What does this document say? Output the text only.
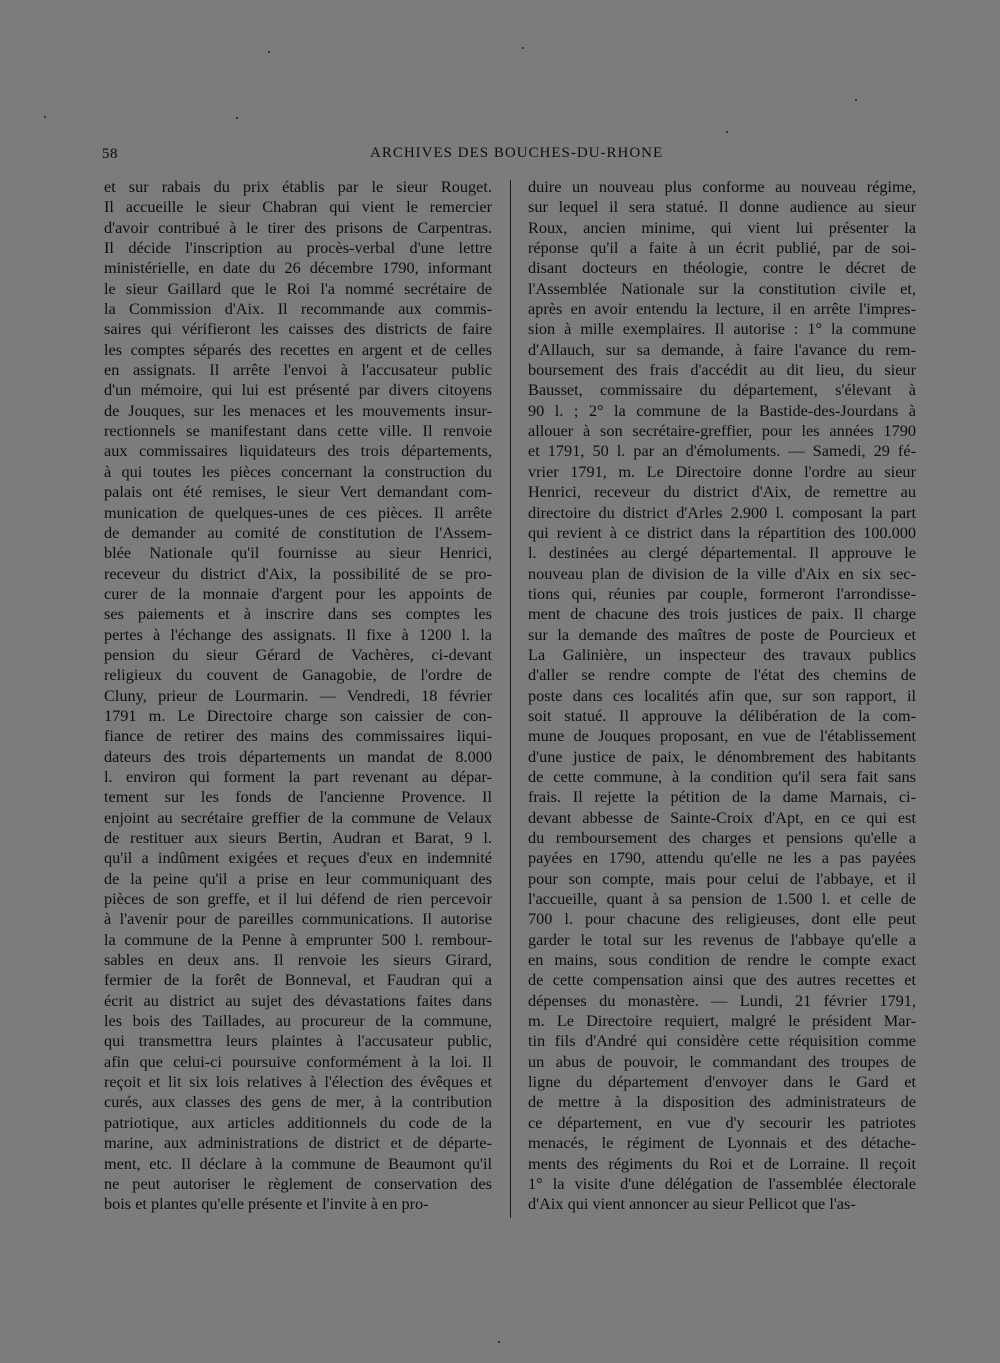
58	ARCHIVES DES BOUCHES-DU-RHONE
et sur rabais du prix établis par le sieur Rouget.
Il accueille le sieur Chabran qui vient le remercier
d'avoir contribué à le tirer des prisons de Carpentras.
Il décide l'inscription au procès-verbal d'une lettre
ministérielle, en date du 26 décembre 1790, informant
le sieur Gaillard que le Roi l'a nommé secrétaire de
la Commission d'Aix. Il recommande aux commis-
saires qui vérifieront les caisses des districts de faire
les comptes séparés des recettes en argent et de celles
en assignats. Il arrête l'envoi à l'accusateur public
d'un mémoire, qui lui est présenté par divers citoyens
de Jouques, sur les menaces et les mouvements insur-
rectionnels se manifestant dans cette ville. Il renvoie
aux commissaires liquidateurs des trois départements,
à qui toutes les pièces concernant la construction du
palais ont été remises, le sieur Vert demandant com-
munication de quelques-unes de ces pièces. Il arrête
de demander au comité de constitution de l'Assem-
blée Nationale qu'il fournisse au sieur Henrici,
receveur du district d'Aix, la possibilité de se pro-
curer de la monnaie d'argent pour les appoints de
ses paiements et à inscrire dans ses comptes les
pertes à l'échange des assignats. Il fixe à 1200 l. la
pension du sieur Gérard de Vachères, ci-devant
religieux du couvent de Ganagobie, de l'ordre de
Cluny, prieur de Lourmarin. — Vendredi, 18 février
1791 m. Le Directoire charge son caissier de con-
fiance de retirer des mains des commissaires liqui-
dateurs des trois départements un mandat de 8.000
l. environ qui forment la part revenant au dépar-
tement sur les fonds de l'ancienne Provence. Il
enjoint au secrétaire greffier de la commune de Velaux
de restituer aux sieurs Bertin, Audran et Barat, 9 l.
qu'il a indûment exigées et reçues d'eux en indemnité
de la peine qu'il a prise en leur communiquant des
pièces de son greffe, et il lui défend de rien percevoir
à l'avenir pour de pareilles communications. Il autorise
la commune de la Penne à emprunter 500 l. rembour-
sables en deux ans. Il renvoie les sieurs Girard,
fermier de la forêt de Bonneval, et Faudran qui a
écrit au district au sujet des dévastations faites dans
les bois des Taillades, au procureur de la commune,
qui transmettra leurs plaintes à l'accusateur public,
afin que celui-ci poursuive conformément à la loi. Il
reçoit et lit six lois relatives à l'élection des évêques et
curés, aux classes des gens de mer, à la contribution
patriotique, aux articles additionnels du code de la
marine, aux administrations de district et de départe-
ment, etc. Il déclare à la commune de Beaumont qu'il
ne peut autoriser le règlement de conservation des
bois et plantes qu'elle présente et l'invite à en pro-
duire un nouveau plus conforme au nouveau régime,
sur lequel il sera statué. Il donne audience au sieur
Roux, ancien minime, qui vient lui présenter la
réponse qu'il a faite à un écrit publié, par de soi-
disant docteurs en théologie, contre le décret de
l'Assemblée Nationale sur la constitution civile et,
après en avoir entendu la lecture, il en arrête l'impres-
sion à mille exemplaires. Il autorise : 1° la commune
d'Allauch, sur sa demande, à faire l'avance du rem-
boursement des frais d'accédit au dit lieu, du sieur
Bausset, commissaire du département, s'élevant à
90 l. ; 2° la commune de la Bastide-des-Jourdans à
allouer à son secrétaire-greffier, pour les années 1790
et 1791, 50 l. par an d'émoluments. — Samedi, 29 fé-
vrier 1791, m. Le Directoire donne l'ordre au sieur
Henrici, receveur du district d'Aix, de remettre au
directoire du district d'Arles 2.900 l. composant la part
qui revient à ce district dans la répartition des 100.000
l. destinées au clergé départemental. Il approuve le
nouveau plan de division de la ville d'Aix en six sec-
tions qui, réunies par couple, formeront l'arrondisse-
ment de chacune des trois justices de paix. Il charge
sur la demande des maîtres de poste de Pourcieux et
La Galinière, un inspecteur des travaux publics
d'aller se rendre compte de l'état des chemins de
poste dans ces localités afin que, sur son rapport, il
soit statué. Il approuve la délibération de la com-
mune de Jouques proposant, en vue de l'établissement
d'une justice de paix, le dénombrement des habitants
de cette commune, à la condition qu'il sera fait sans
frais. Il rejette la pétition de la dame Marnais, ci-
devant abbesse de Sainte-Croix d'Apt, en ce qui est
du remboursement des charges et pensions qu'elle a
payées en 1790, attendu qu'elle ne les a pas payées
pour son compte, mais pour celui de l'abbaye, et il
l'accueille, quant à sa pension de 1.500 l. et celle de
700 l. pour chacune des religieuses, dont elle peut
garder le total sur les revenus de l'abbaye qu'elle a
en mains, sous condition de rendre le compte exact
de cette compensation ainsi que des autres recettes et
dépenses du monastère. — Lundi, 21 février 1791,
m. Le Directoire requiert, malgré le président Mar-
tin fils d'André qui considère cette réquisition comme
un abus de pouvoir, le commandant des troupes de
ligne du département d'envoyer dans le Gard et
de mettre à la disposition des administrateurs de
ce département, en vue d'y secourir les patriotes
menacés, le régiment de Lyonnais et des détache-
ments des régiments du Roi et de Lorraine. Il reçoit
1° la visite d'une délégation de l'assemblée électorale
d'Aix qui vient annoncer au sieur Pellicot que l'as-
